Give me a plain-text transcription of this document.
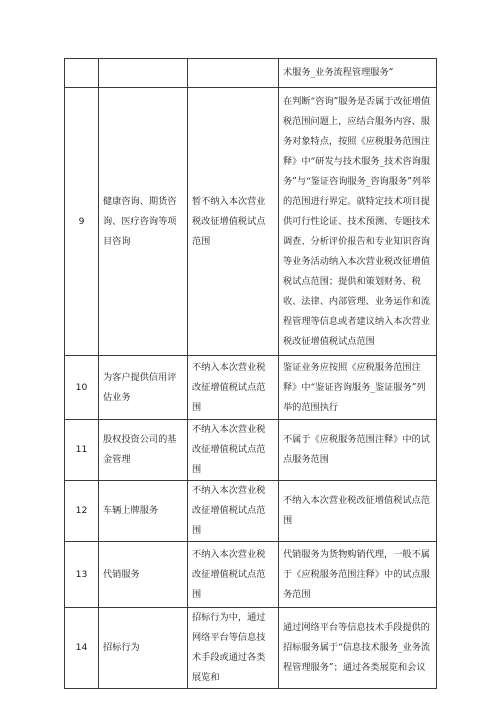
			术服务_业务流程管理服务”
9	健康咨询、期货咨询、医疗咨询等项目咨询	暂不纳入本次营业税改征增值税试点范围	在判断“咨询”服务是否属于改征增值税范围问题上，应结合服务内容、服务对象特点，按照《应税服务范围注释》中“研发与技术服务_技术咨询服务”与“鉴证咨询服务_咨询服务”列举的范围进行界定。就特定技术项目提供可行性论证、技术预测、专题技术调查、分析评价报告和专业知识咨询等业务活动纳入本次营业税改征增值税试点范围；提供和策划财务、税收、法律、内部管理、业务运作和流程管理等信息或者建议纳入本次营业税改征增值税试点范围
10	为客户提供信用评估业务	不纳入本次营业税改征增值税试点范围	鉴证业务应按照《应税服务范围注释》中“鉴证咨询服务_鉴证服务”列举的范围执行
11	股权投资公司的基金管理	不纳入本次营业税改征增值税试点范围	不属于《应税服务范围注释》中的试点服务范围
12	车辆上牌服务	不纳入本次营业税改征增值税试点范围	不纳入本次营业税改征增值税试点范围
13	代销服务	不纳入本次营业税改征增值税试点范围	代销服务为货物购销代理，一般不属于《应税服务范围注释》中的试点服务范围
14	招标行为	招标行为中，通过网络平台等信息技术手段或通过各类展览和	通过网络平台等信息技术手段提供的招标服务属于“信息技术服务_业务流程管理服务”；通过各类展览和会议
